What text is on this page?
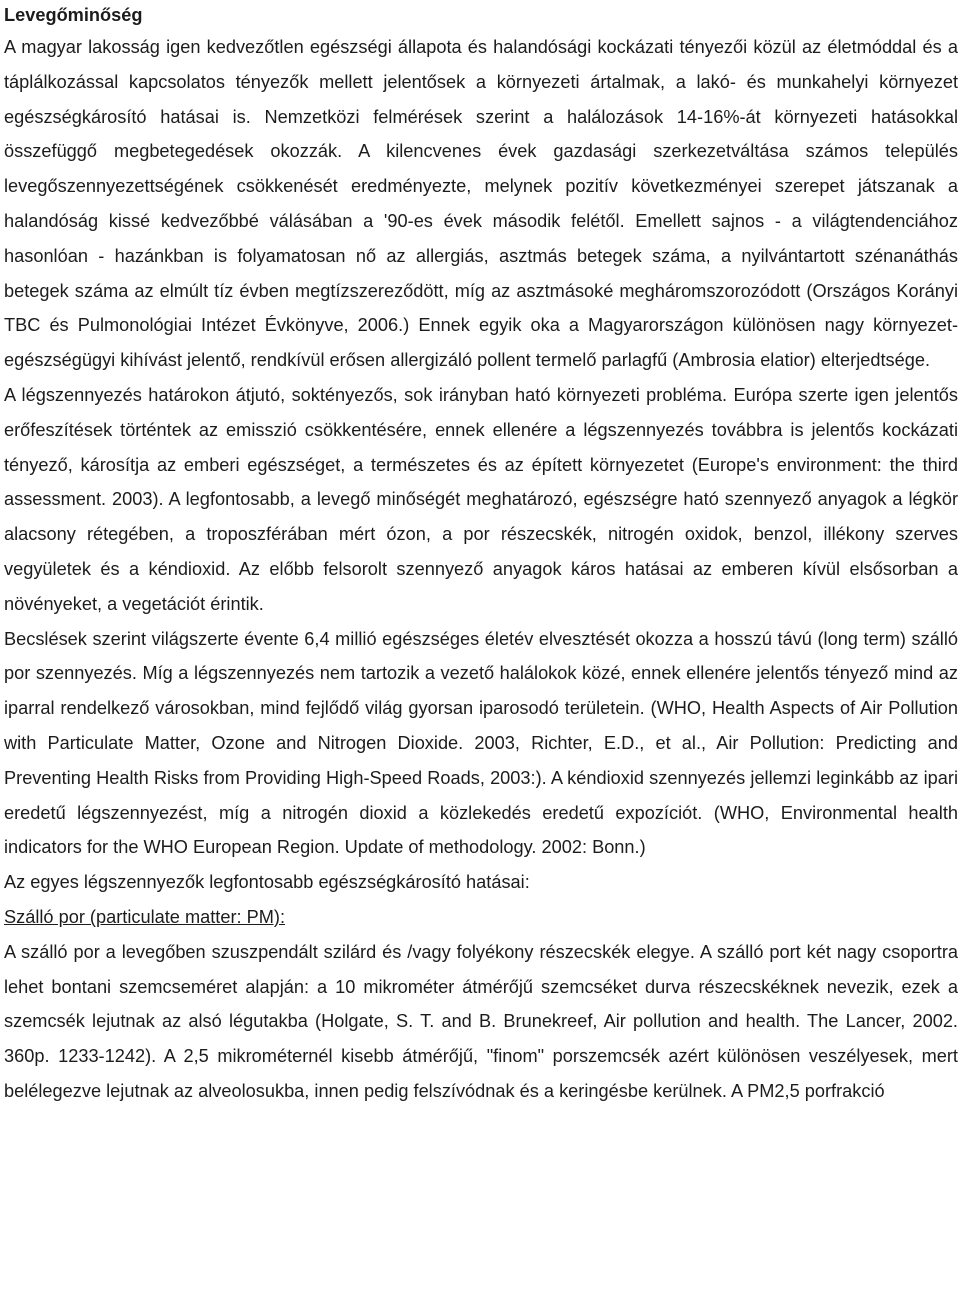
Levegőminőség

A magyar lakosság igen kedvezőtlen egészségi állapota és halandósági kockázati tényezői közül az életmóddal és a táplálkozással kapcsolatos tényezők mellett jelentősek a környezeti ártalmak, a lakó- és munkahelyi környezet egészségkárosító hatásai is. Nemzetközi felmérések szerint a halálozások 14-16%-át környezeti hatásokkal összefüggő megbetegedések okozzák. A kilencvenes évek gazdasági szerkezetváltása számos település levegőszennyezettségének csökkenését eredményezte, melynek pozitív következményei szerepet játszanak a halandóság kissé kedvezőbbé válásában a '90-es évek második felétől. Emellett sajnos - a világtendenciához hasonlóan - hazánkban is folyamatosan nő az allergiás, asztmás betegek száma, a nyilvántartott szénanáthás betegek száma az elmúlt tíz évben megtízszereződött, míg az asztmásoké megháromszorozódott (Országos Korányi TBC és Pulmonológiai Intézet Évkönyve, 2006.) Ennek egyik oka a Magyarországon különösen nagy környezet-egészségügyi kihívást jelentő, rendkívül erősen allergizáló pollent termelő parlagfű (Ambrosia elatior) elterjedtsége.

A légszennyezés határokon átjutó, soktényezős, sok irányban ható környezeti probléma. Európa szerte igen jelentős erőfeszítések történtek az emisszió csökkentésére, ennek ellenére a légszennyezés továbbra is jelentős kockázati tényező, károsítja az emberi egészséget, a természetes és az épített környezetet (Europe's environment: the third assessment. 2003). A legfontosabb, a levegő minőségét meghatározó, egészségre ható szennyező anyagok a légkör alacsony rétegében, a troposzférában mért ózon, a por részecskék, nitrogén oxidok, benzol, illékony szerves vegyületek és a kéndioxid. Az előbb felsorolt szennyező anyagok káros hatásai az emberen kívül elsősorban a növényeket, a vegetációt érintik.

Becslések szerint világszerte évente 6,4 millió egészséges életév elvesztését okozza a hosszú távú (long term) szálló por szennyezés. Míg a légszennyezés nem tartozik a vezető halálokok közé, ennek ellenére jelentős tényező mind az iparral rendelkező városokban, mind fejlődő világ gyorsan iparosodó területein. (WHO, Health Aspects of Air Pollution with Particulate Matter, Ozone and Nitrogen Dioxide. 2003, Richter, E.D., et al., Air Pollution: Predicting and Preventing Health Risks from Providing High-Speed Roads, 2003:). A kéndioxid szennyezés jellemzi leginkább az ipari eredetű légszennyezést, míg a nitrogén dioxid a közlekedés eredetű expozíciót. (WHO, Environmental health indicators for the WHO European Region. Update of methodology. 2002: Bonn.)

Az egyes légszennyezők legfontosabb egészségkárosító hatásai:

Szálló por (particulate matter: PM):

A szálló por a levegőben szuszpendált szilárd és /vagy folyékony részecskék elegye. A szálló port két nagy csoportra lehet bontani szemcseméret alapján: a 10 mikrométer átmérőjű szemcséket durva részecskéknek nevezik, ezek a szemcsék lejutnak az alsó légutakba (Holgate, S. T. and B. Brunekreef, Air pollution and health. The Lancer, 2002. 360p. 1233-1242). A 2,5 mikrométernél kisebb átmérőjű, "finom" porszemcsék azért különösen veszélyesek, mert belélegezve lejutnak az alveolosukba, innen pedig felszívódnak és a keringésbe kerülnek. A PM2,5 porfrakció
